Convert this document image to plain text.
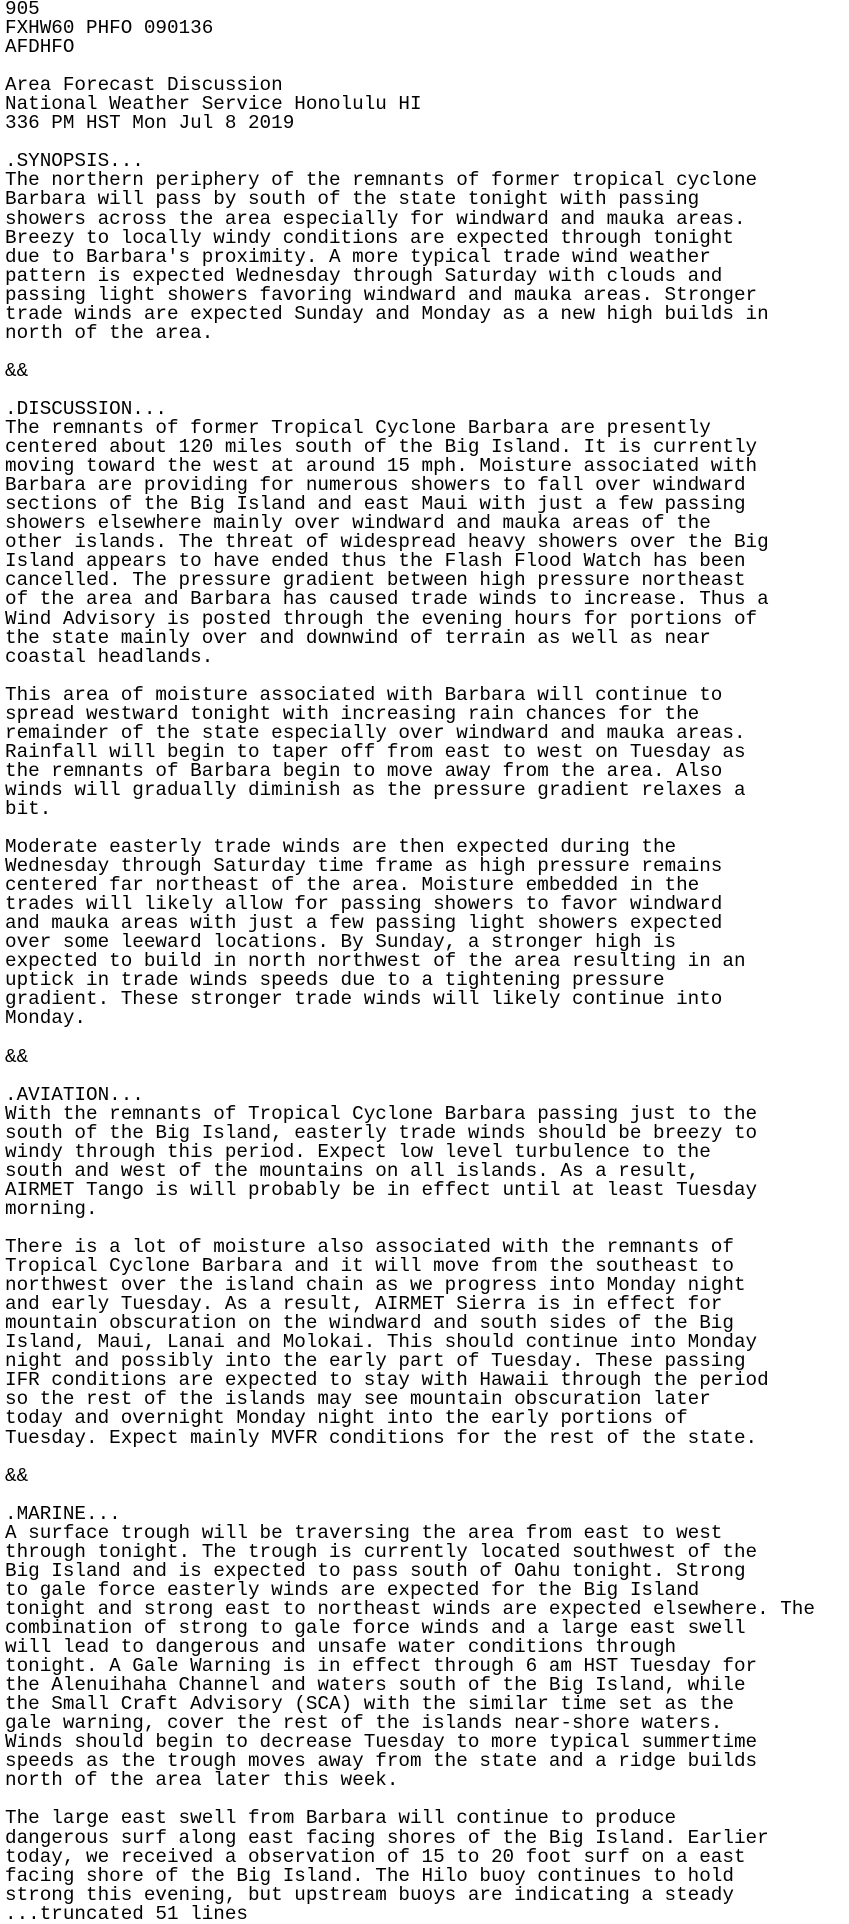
905
FXHW60 PHFO 090136
AFDHFO

Area Forecast Discussion
National Weather Service Honolulu HI
336 PM HST Mon Jul 8 2019

.SYNOPSIS...
The northern periphery of the remnants of former tropical cyclone
Barbara will pass by south of the state tonight with passing
showers across the area especially for windward and mauka areas.
Breezy to locally windy conditions are expected through tonight
due to Barbara's proximity. A more typical trade wind weather
pattern is expected Wednesday through Saturday with clouds and
passing light showers favoring windward and mauka areas. Stronger
trade winds are expected Sunday and Monday as a new high builds in
north of the area.

&&

.DISCUSSION...
The remnants of former Tropical Cyclone Barbara are presently
centered about 120 miles south of the Big Island. It is currently
moving toward the west at around 15 mph. Moisture associated with
Barbara are providing for numerous showers to fall over windward
sections of the Big Island and east Maui with just a few passing
showers elsewhere mainly over windward and mauka areas of the
other islands. The threat of widespread heavy showers over the Big
Island appears to have ended thus the Flash Flood Watch has been
cancelled. The pressure gradient between high pressure northeast
of the area and Barbara has caused trade winds to increase. Thus a
Wind Advisory is posted through the evening hours for portions of
the state mainly over and downwind of terrain as well as near
coastal headlands.

This area of moisture associated with Barbara will continue to
spread westward tonight with increasing rain chances for the
remainder of the state especially over windward and mauka areas.
Rainfall will begin to taper off from east to west on Tuesday as
the remnants of Barbara begin to move away from the area. Also
winds will gradually diminish as the pressure gradient relaxes a
bit.

Moderate easterly trade winds are then expected during the
Wednesday through Saturday time frame as high pressure remains
centered far northeast of the area. Moisture embedded in the
trades will likely allow for passing showers to favor windward
and mauka areas with just a few passing light showers expected
over some leeward locations. By Sunday, a stronger high is
expected to build in north northwest of the area resulting in an
uptick in trade winds speeds due to a tightening pressure
gradient. These stronger trade winds will likely continue into
Monday.

&&

.AVIATION...
With the remnants of Tropical Cyclone Barbara passing just to the
south of the Big Island, easterly trade winds should be breezy to
windy through this period. Expect low level turbulence to the
south and west of the mountains on all islands. As a result,
AIRMET Tango is will probably be in effect until at least Tuesday
morning.

There is a lot of moisture also associated with the remnants of
Tropical Cyclone Barbara and it will move from the southeast to
northwest over the island chain as we progress into Monday night
and early Tuesday. As a result, AIRMET Sierra is in effect for
mountain obscuration on the windward and south sides of the Big
Island, Maui, Lanai and Molokai. This should continue into Monday
night and possibly into the early part of Tuesday. These passing
IFR conditions are expected to stay with Hawaii through the period
so the rest of the islands may see mountain obscuration later
today and overnight Monday night into the early portions of
Tuesday. Expect mainly MVFR conditions for the rest of the state.

&&

.MARINE...
A surface trough will be traversing the area from east to west
through tonight. The trough is currently located southwest of the
Big Island and is expected to pass south of Oahu tonight. Strong
to gale force easterly winds are expected for the Big Island
tonight and strong east to northeast winds are expected elsewhere. The
combination of strong to gale force winds and a large east swell
will lead to dangerous and unsafe water conditions through
tonight. A Gale Warning is in effect through 6 am HST Tuesday for
the Alenuihaha Channel and waters south of the Big Island, while
the Small Craft Advisory (SCA) with the similar time set as the
gale warning, cover the rest of the islands near-shore waters.
Winds should begin to decrease Tuesday to more typical summertime
speeds as the trough moves away from the state and a ridge builds
north of the area later this week.

The large east swell from Barbara will continue to produce
dangerous surf along east facing shores of the Big Island. Earlier
today, we received a observation of 15 to 20 foot surf on a east
facing shore of the Big Island. The Hilo buoy continues to hold
strong this evening, but upstream buoys are indicating a steady
...truncated 51 lines
